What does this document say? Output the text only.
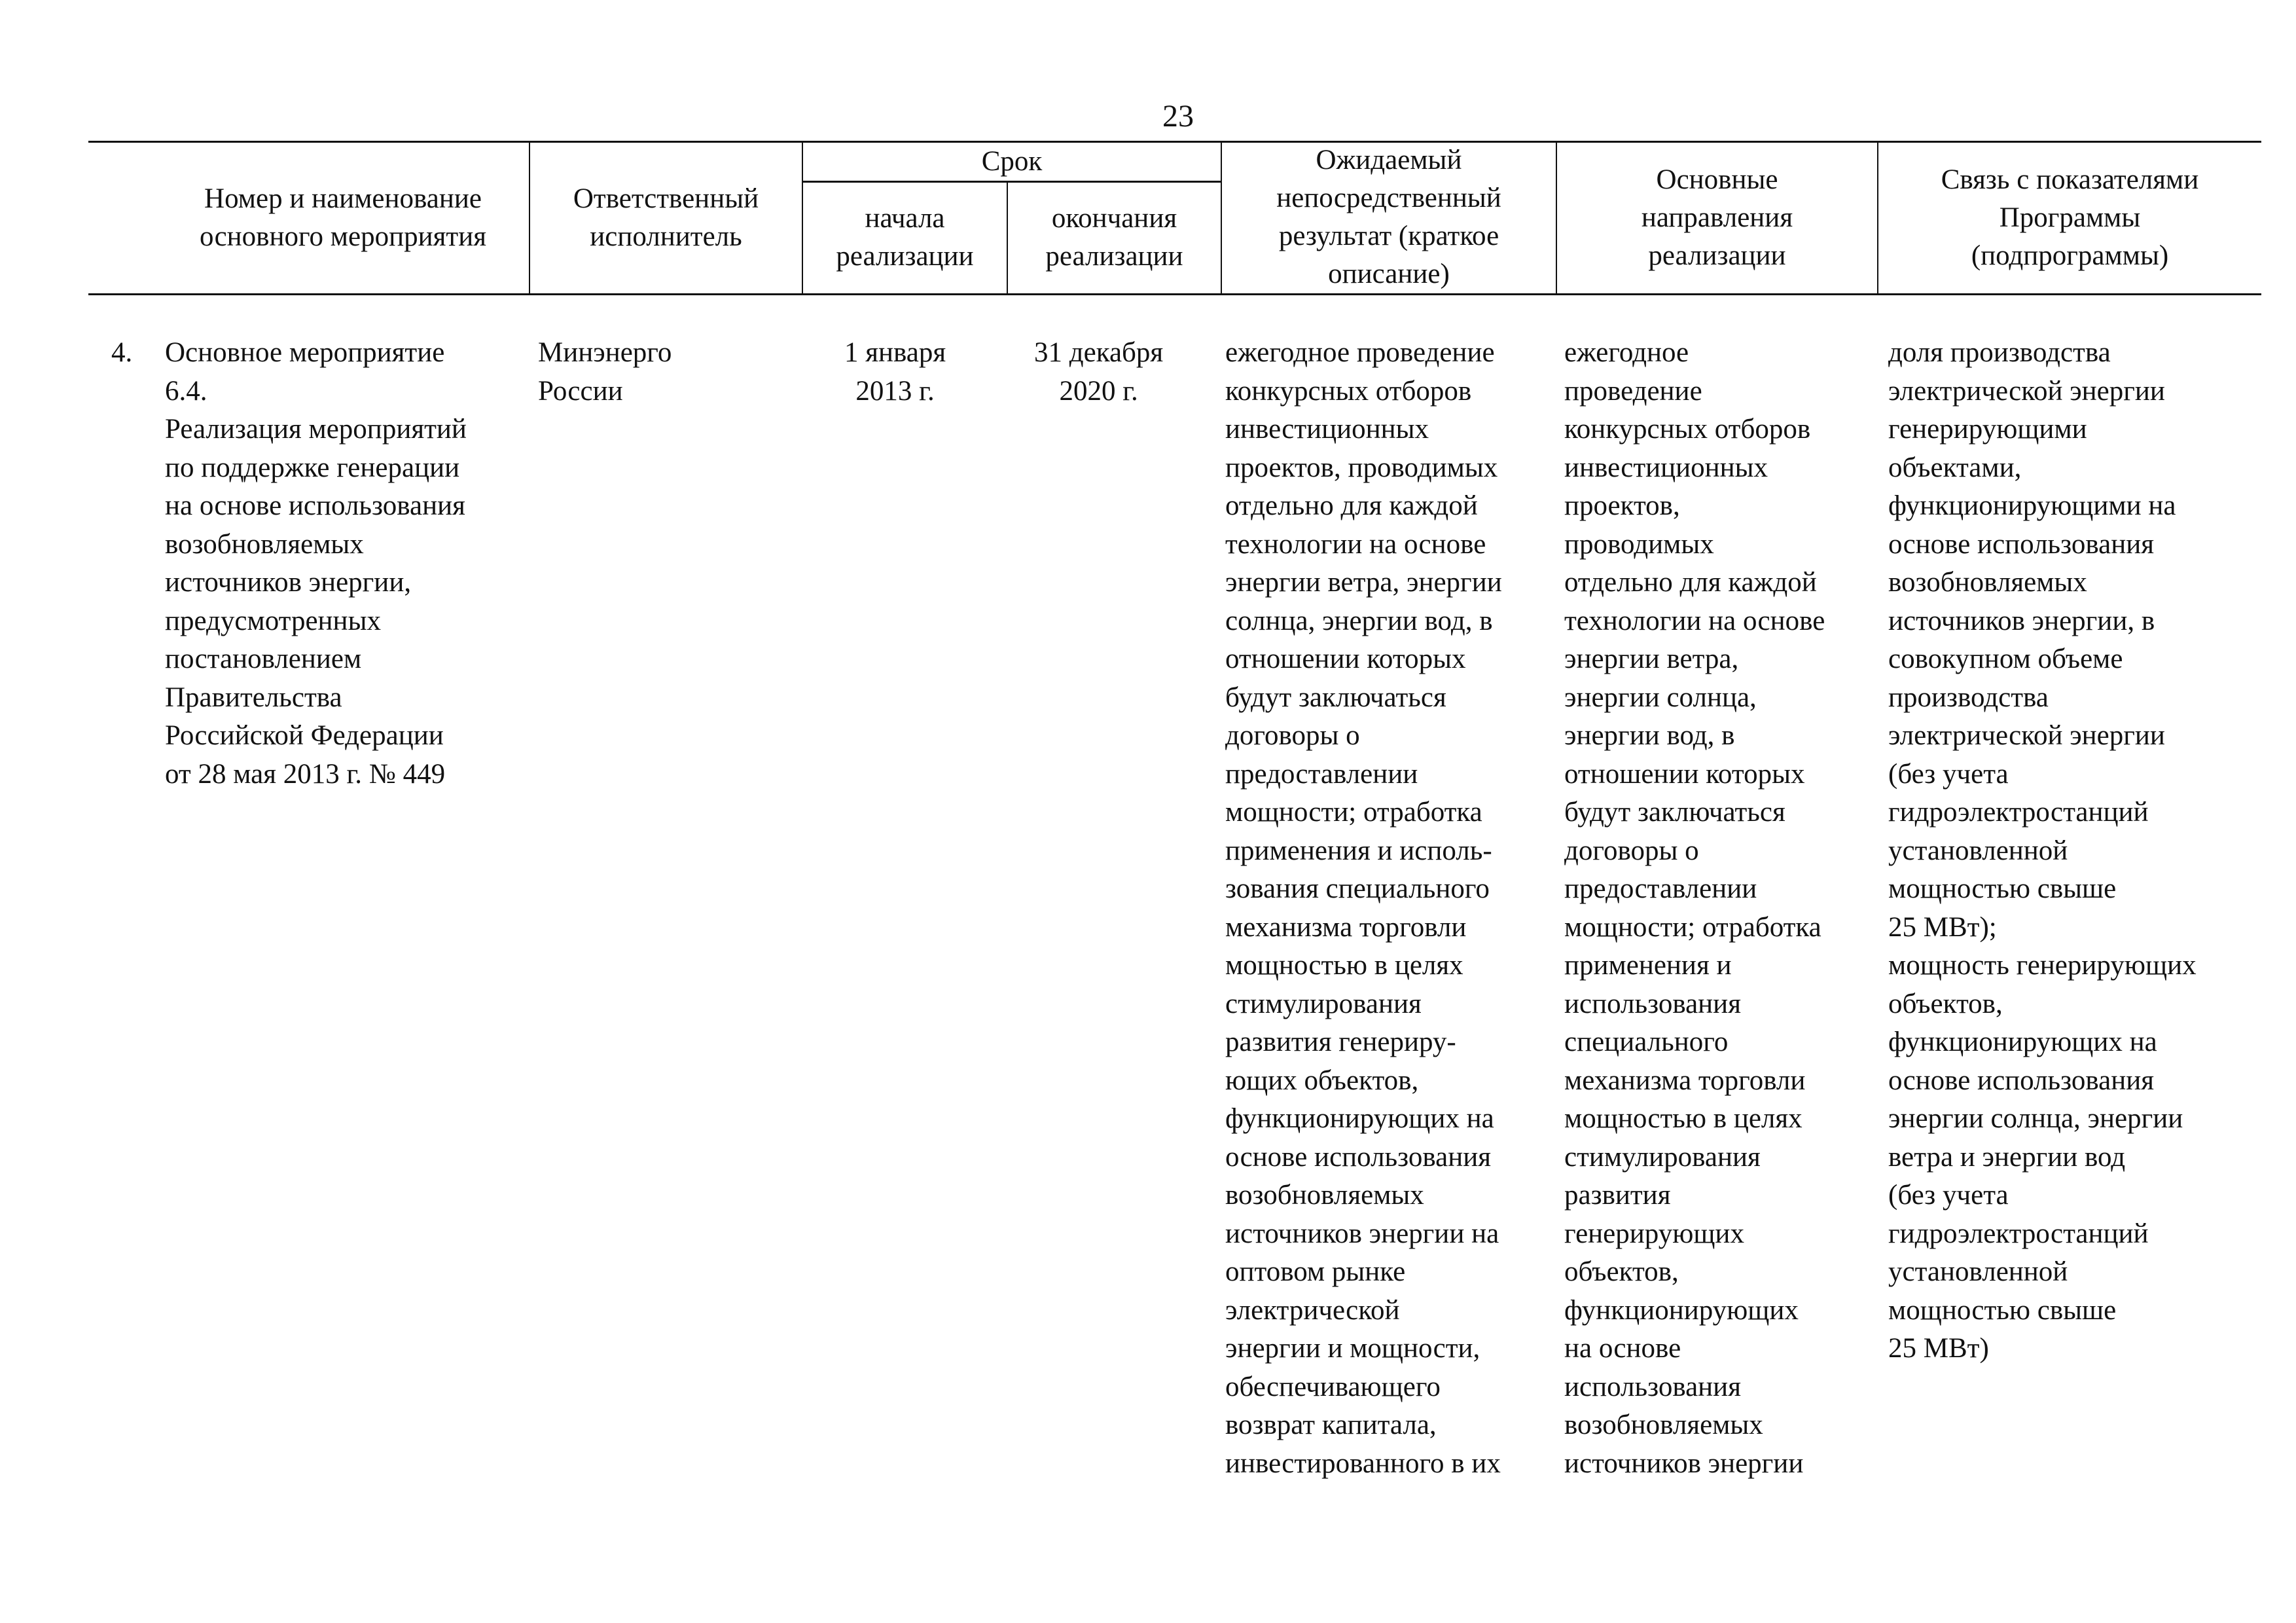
23
Номер и наименование
основного мероприятия
Ответственный
исполнитель
Срок
начала
реализации
окончания
реализации
Ожидаемый
непосредственный
результат (краткое
описание)
Основные
направления
реализации
Связь с показателями
Программы
(подпрограммы)

4. Основное мероприятие
6.4.
Реализация мероприятий
по поддержке генерации
на основе использования
возобновляемых
источников энергии,
предусмотренных
постановлением
Правительства
Российской Федерации
от 28 мая 2013 г. № 449

Минэнерго
России

1 января
2013 г.

31 декабря
2020 г.

ежегодное проведение
конкурсных отборов
инвестиционных
проектов, проводимых
отдельно для каждой
технологии на основе
энергии ветра, энергии
солнца, энергии вод, в
отношении которых
будут заключаться
договоры о
предоставлении
мощности; отработка
применения и исполь-
зования специального
механизма торговли
мощностью в целях
стимулирования
развития генериру-
ющих объектов,
функционирующих на
основе использования
возобновляемых
источников энергии на
оптовом рынке
электрической
энергии и мощности,
обеспечивающего
возврат капитала,
инвестированного в их

ежегодное
проведение
конкурсных отборов
инвестиционных
проектов,
проводимых
отдельно для каждой
технологии на основе
энергии ветра,
энергии солнца,
энергии вод, в
отношении которых
будут заключаться
договоры о
предоставлении
мощности; отработка
применения и
использования
специального
механизма торговли
мощностью в целях
стимулирования
развития
генерирующих
объектов,
функционирующих
на основе
использования
возобновляемых
источников энергии

доля производства
электрической энергии
генерирующими
объектами,
функционирующими на
основе использования
возобновляемых
источников энергии, в
совокупном объеме
производства
электрической энергии
(без учета
гидроэлектростанций
установленной
мощностью свыше
25 МВт);
мощность генерирующих
объектов,
функционирующих на
основе использования
энергии солнца, энергии
ветра и энергии вод
(без учета
гидроэлектростанций
установленной
мощностью свыше
25 МВт)
